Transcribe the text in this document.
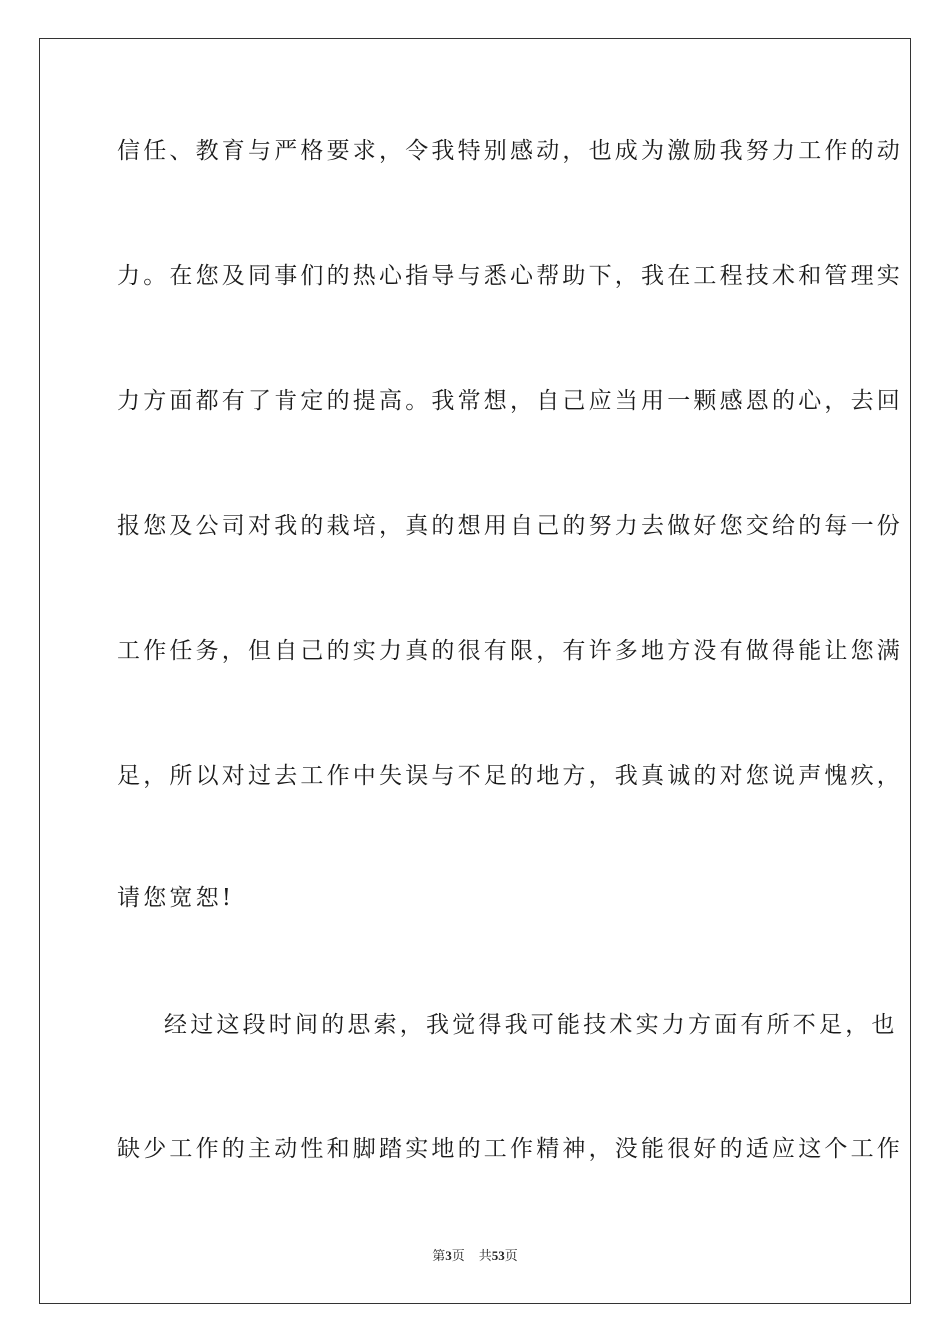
信任、教育与严格要求，令我特别感动，也成为激励我努力工作的动
力。在您及同事们的热心指导与悉心帮助下，我在工程技术和管理实
力方面都有了肯定的提高。我常想，自己应当用一颗感恩的心，去回
报您及公司对我的栽培，真的想用自己的努力去做好您交给的每一份
工作任务，但自己的实力真的很有限，有许多地方没有做得能让您满
足，所以对过去工作中失误与不足的地方，我真诚的对您说声愧疚，
请您宽恕!
经过这段时间的思索，我觉得我可能技术实力方面有所不足，也
缺少工作的主动性和脚踏实地的工作精神，没能很好的适应这个工作
第3页 共53页
